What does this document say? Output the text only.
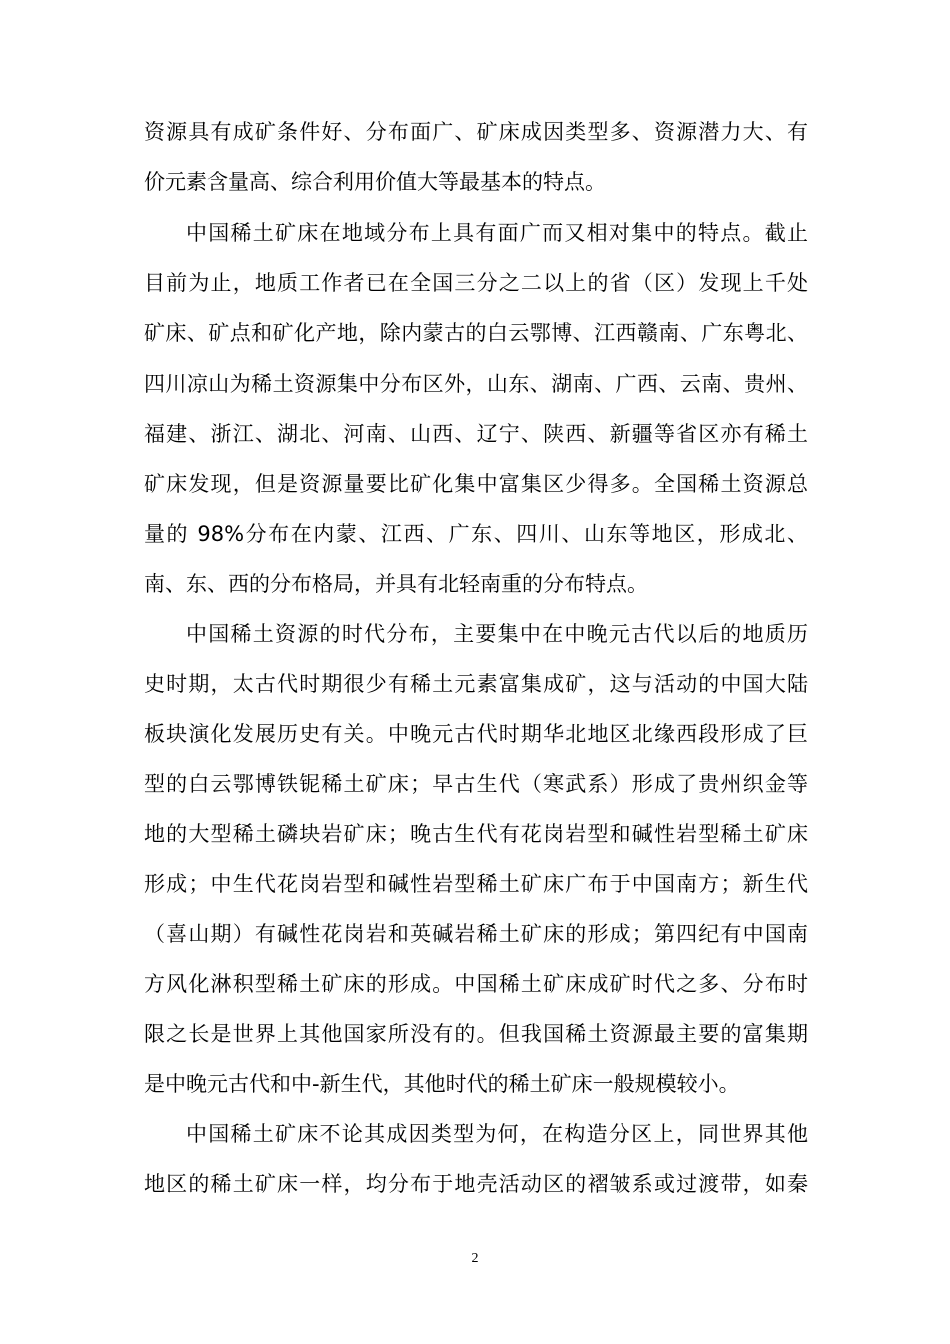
资源具有成矿条件好、分布面广、矿床成因类型多、资源潜力大、有
价元素含量高、综合利用价值大等最基本的特点。
中国稀土矿床在地域分布上具有面广而又相对集中的特点。截止
目前为止，地质工作者已在全国三分之二以上的省（区）发现上千处
矿床、矿点和矿化产地，除内蒙古的白云鄂博、江西赣南、广东粤北、
四川凉山为稀土资源集中分布区外，山东、湖南、广西、云南、贵州、
福建、浙江、湖北、河南、山西、辽宁、陕西、新疆等省区亦有稀土
矿床发现，但是资源量要比矿化集中富集区少得多。全国稀土资源总
量的 98%分布在内蒙、江西、广东、四川、山东等地区，形成北、
南、东、西的分布格局，并具有北轻南重的分布特点。
中国稀土资源的时代分布，主要集中在中晚元古代以后的地质历
史时期，太古代时期很少有稀土元素富集成矿，这与活动的中国大陆
板块演化发展历史有关。中晚元古代时期华北地区北缘西段形成了巨
型的白云鄂博铁铌稀土矿床；早古生代（寒武系）形成了贵州织金等
地的大型稀土磷块岩矿床；晚古生代有花岗岩型和碱性岩型稀土矿床
形成；中生代花岗岩型和碱性岩型稀土矿床广布于中国南方；新生代
（喜山期）有碱性花岗岩和英碱岩稀土矿床的形成；第四纪有中国南
方风化淋积型稀土矿床的形成。中国稀土矿床成矿时代之多、分布时
限之长是世界上其他国家所没有的。但我国稀土资源最主要的富集期
是中晚元古代和中-新生代，其他时代的稀土矿床一般规模较小。
中国稀土矿床不论其成因类型为何，在构造分区上，同世界其他
地区的稀土矿床一样，均分布于地壳活动区的褶皱系或过渡带，如秦
2
